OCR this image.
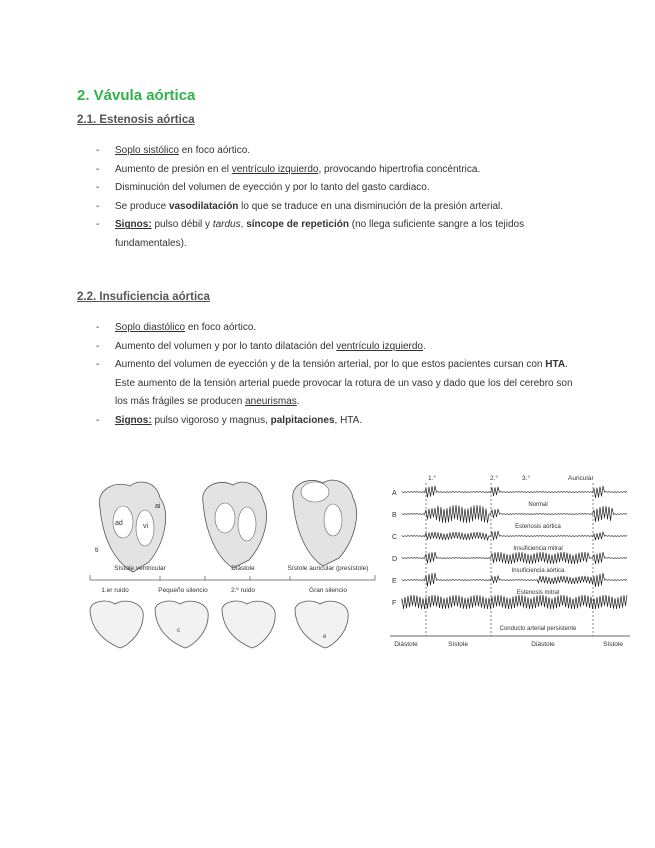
2. Vávula aórtica
2.1. Estenosis aórtica
- Soplo sistólico en foco aórtico.
- Aumento de presión en el ventrículo izquierdo, provocando hipertrofia concéntrica.
- Disminución del volumen de eyección y por lo tanto del gasto cardiaco.
- Se produce vasodilatación lo que se traduce en una disminución de la presión arterial.
- Signos: pulso débil y tardus, síncope de repetición (no llega suficiente sangre a los tejidos fundamentales).
2.2. Insuficiencia aórtica
- Soplo diastólico en foco aórtico.
- Aumento del volumen y por lo tanto dilatación del ventrículo izquierdo.
- Aumento del volumen de eyección y de la tensión arterial, por lo que estos pacientes cursan con HTA. Este aumento de la tensión arterial puede provocar la rotura de un vaso y dado que los del cerebro son los más frágiles se producen aneurismas.
- Signos: pulso vigoroso y magnus, palpitaciones, HTA.
ad	vi
ai
ti
Sístole ventricular	Diástole	Sístole auricular (presístole)
1.er ruido	Pequeño silencio	2.º ruido	Gran silencio
c
e
1.°	2.°	3.°	Auricular
A
B
C
D
E
F
Normal
Estenosis aórtica
Insuficiencia mitral
Insuficiencia aórtica
Estenosis mitral
Conducto arterial persistente
Diástole	Sístole	Diástole	Sístole
